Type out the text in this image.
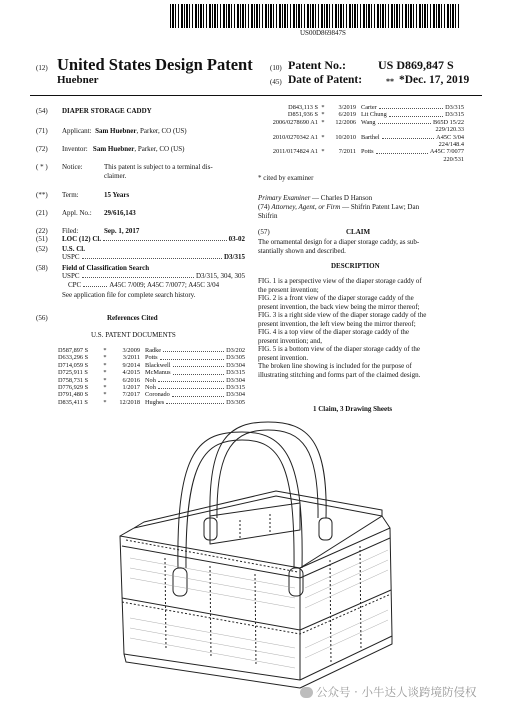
US00D869847S
(12) United States Design Patent (10) Patent No.:	US D869,847 S
Huebner	(45) Date of Patent:	** *Dec. 17, 2019
(54) DIAPER STORAGE CADDY
(71) Applicant: Sam Huebner, Parker, CO (US)
(72) Inventor: Sam Huebner, Parker, CO (US)
( * ) Notice:	This patent is subject to a terminal dis-
claimer.
(**) Term:	15 Years
(21) Appl. No.: 29/616,143
(22) Filed:	Sep. 1, 2017
(51)	LOC (12) Cl.	03-02
(52) U.S. Cl.
USPC	D3/315
(58) Field of Classification Search
USPC	D3/315, 304, 305
CPC	A45C 7/009; A45C 7/0077; A45C 3/04
See application file for complete search history.
(56)	References Cited
U.S. PATENT DOCUMENTS
D587,897 S	*	3/2009 Radke	D3/202
D633,296 S	*	3/2011 Potts	D3/305
D714,059 S	*	9/2014 Blackwell	D3/304
D725,911 S	*	4/2015 McManus	D3/315
D758,731 S	*	6/2016 Noh	D3/304
D776,929 S	*	1/2017 Noh	D3/315
D791,480 S	*	7/2017 Coronado	D3/304
D835,411 S	*	12/2018 Hughes	D3/305
D843,113 S *	3/2019 Carter	D3/315
D851,936 S *	6/2019 Lit Chung	D3/315
2006/0278690 A1 *	12/2006 Wang	B65D 15/22
229/120.33
2010/0270342 A1 *	10/2010 Barthel	A45C 3/04
224/148.4
2011/0174824 A1 *	7/2011 Potts	A45C 7/0077
220/531
* cited by examiner
Primary Examiner — Charles D Hanson
(74) Attorney, Agent, or Firm — Shifrin Patent Law; Dan
Shifrin
(57)	CLAIM
The ornamental design for a diaper storage caddy, as sub-
stantially shown and described.
DESCRIPTION
FIG. 1 is a perspective view of the diaper storage caddy of
the present invention;
FIG. 2 is a front view of the diaper storage caddy of the
present invention, the back view being the mirror thereof;
FIG. 3 is a right side view of the diaper storage caddy of the
present invention, the left view being the mirror thereof;
FIG. 4 is a top view of the diaper storage caddy of the
present invention; and,
FIG. 5 is a bottom view of the diaper storage caddy of the
present invention.
The broken line showing is included for the purpose of
illustrating stitching and forms part of the claimed design.
1 Claim, 3 Drawing Sheets
公众号 · 小牛达人谈跨境防侵权
